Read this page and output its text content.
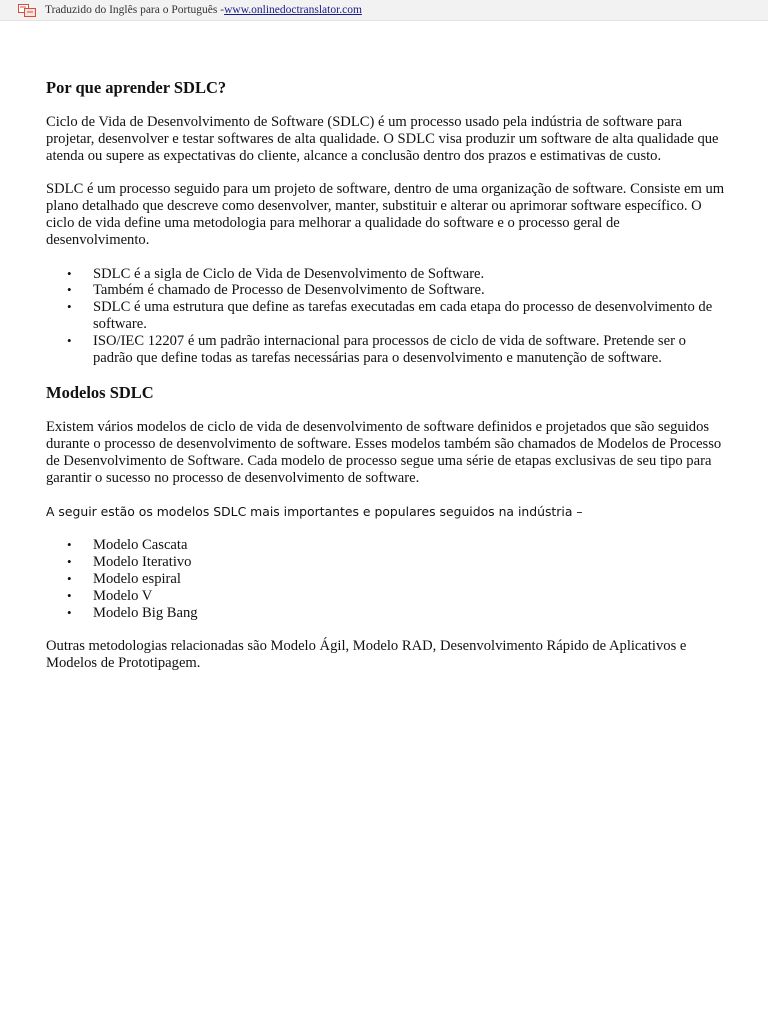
Traduzido do Inglês para o Português - www.onlinedoctranslator.com
Por que aprender SDLC?

Ciclo de Vida de Desenvolvimento de Software (SDLC) é um processo usado pela indústria de software para projetar, desenvolver e testar softwares de alta qualidade. O SDLC visa produzir um software de alta qualidade que atenda ou supere as expectativas do cliente, alcance a conclusão dentro dos prazos e estimativas de custo.

SDLC é um processo seguido para um projeto de software, dentro de uma organização de software. Consiste em um plano detalhado que descreve como desenvolver, manter, substituir e alterar ou aprimorar software específico. O ciclo de vida define uma metodologia para melhorar a qualidade do software e o processo geral de desenvolvimento.

• SDLC é a sigla de Ciclo de Vida de Desenvolvimento de Software.
• Também é chamado de Processo de Desenvolvimento de Software.
• SDLC é uma estrutura que define as tarefas executadas em cada etapa do processo de desenvolvimento de software.
• ISO/IEC 12207 é um padrão internacional para processos de ciclo de vida de software. Pretende ser o padrão que define todas as tarefas necessárias para o desenvolvimento e manutenção de software.
Modelos SDLC

Existem vários modelos de ciclo de vida de desenvolvimento de software definidos e projetados que são seguidos durante o processo de desenvolvimento de software. Esses modelos também são chamados de Modelos de Processo de Desenvolvimento de Software. Cada modelo de processo segue uma série de etapas exclusivas de seu tipo para garantir o sucesso no processo de desenvolvimento de software.

A seguir estão os modelos SDLC mais importantes e populares seguidos na indústria –

• Modelo Cascata
• Modelo Iterativo
• Modelo espiral
• Modelo V
• Modelo Big Bang

Outras metodologias relacionadas são Modelo Ágil, Modelo RAD, Desenvolvimento Rápido de Aplicativos e Modelos de Prototipagem.
